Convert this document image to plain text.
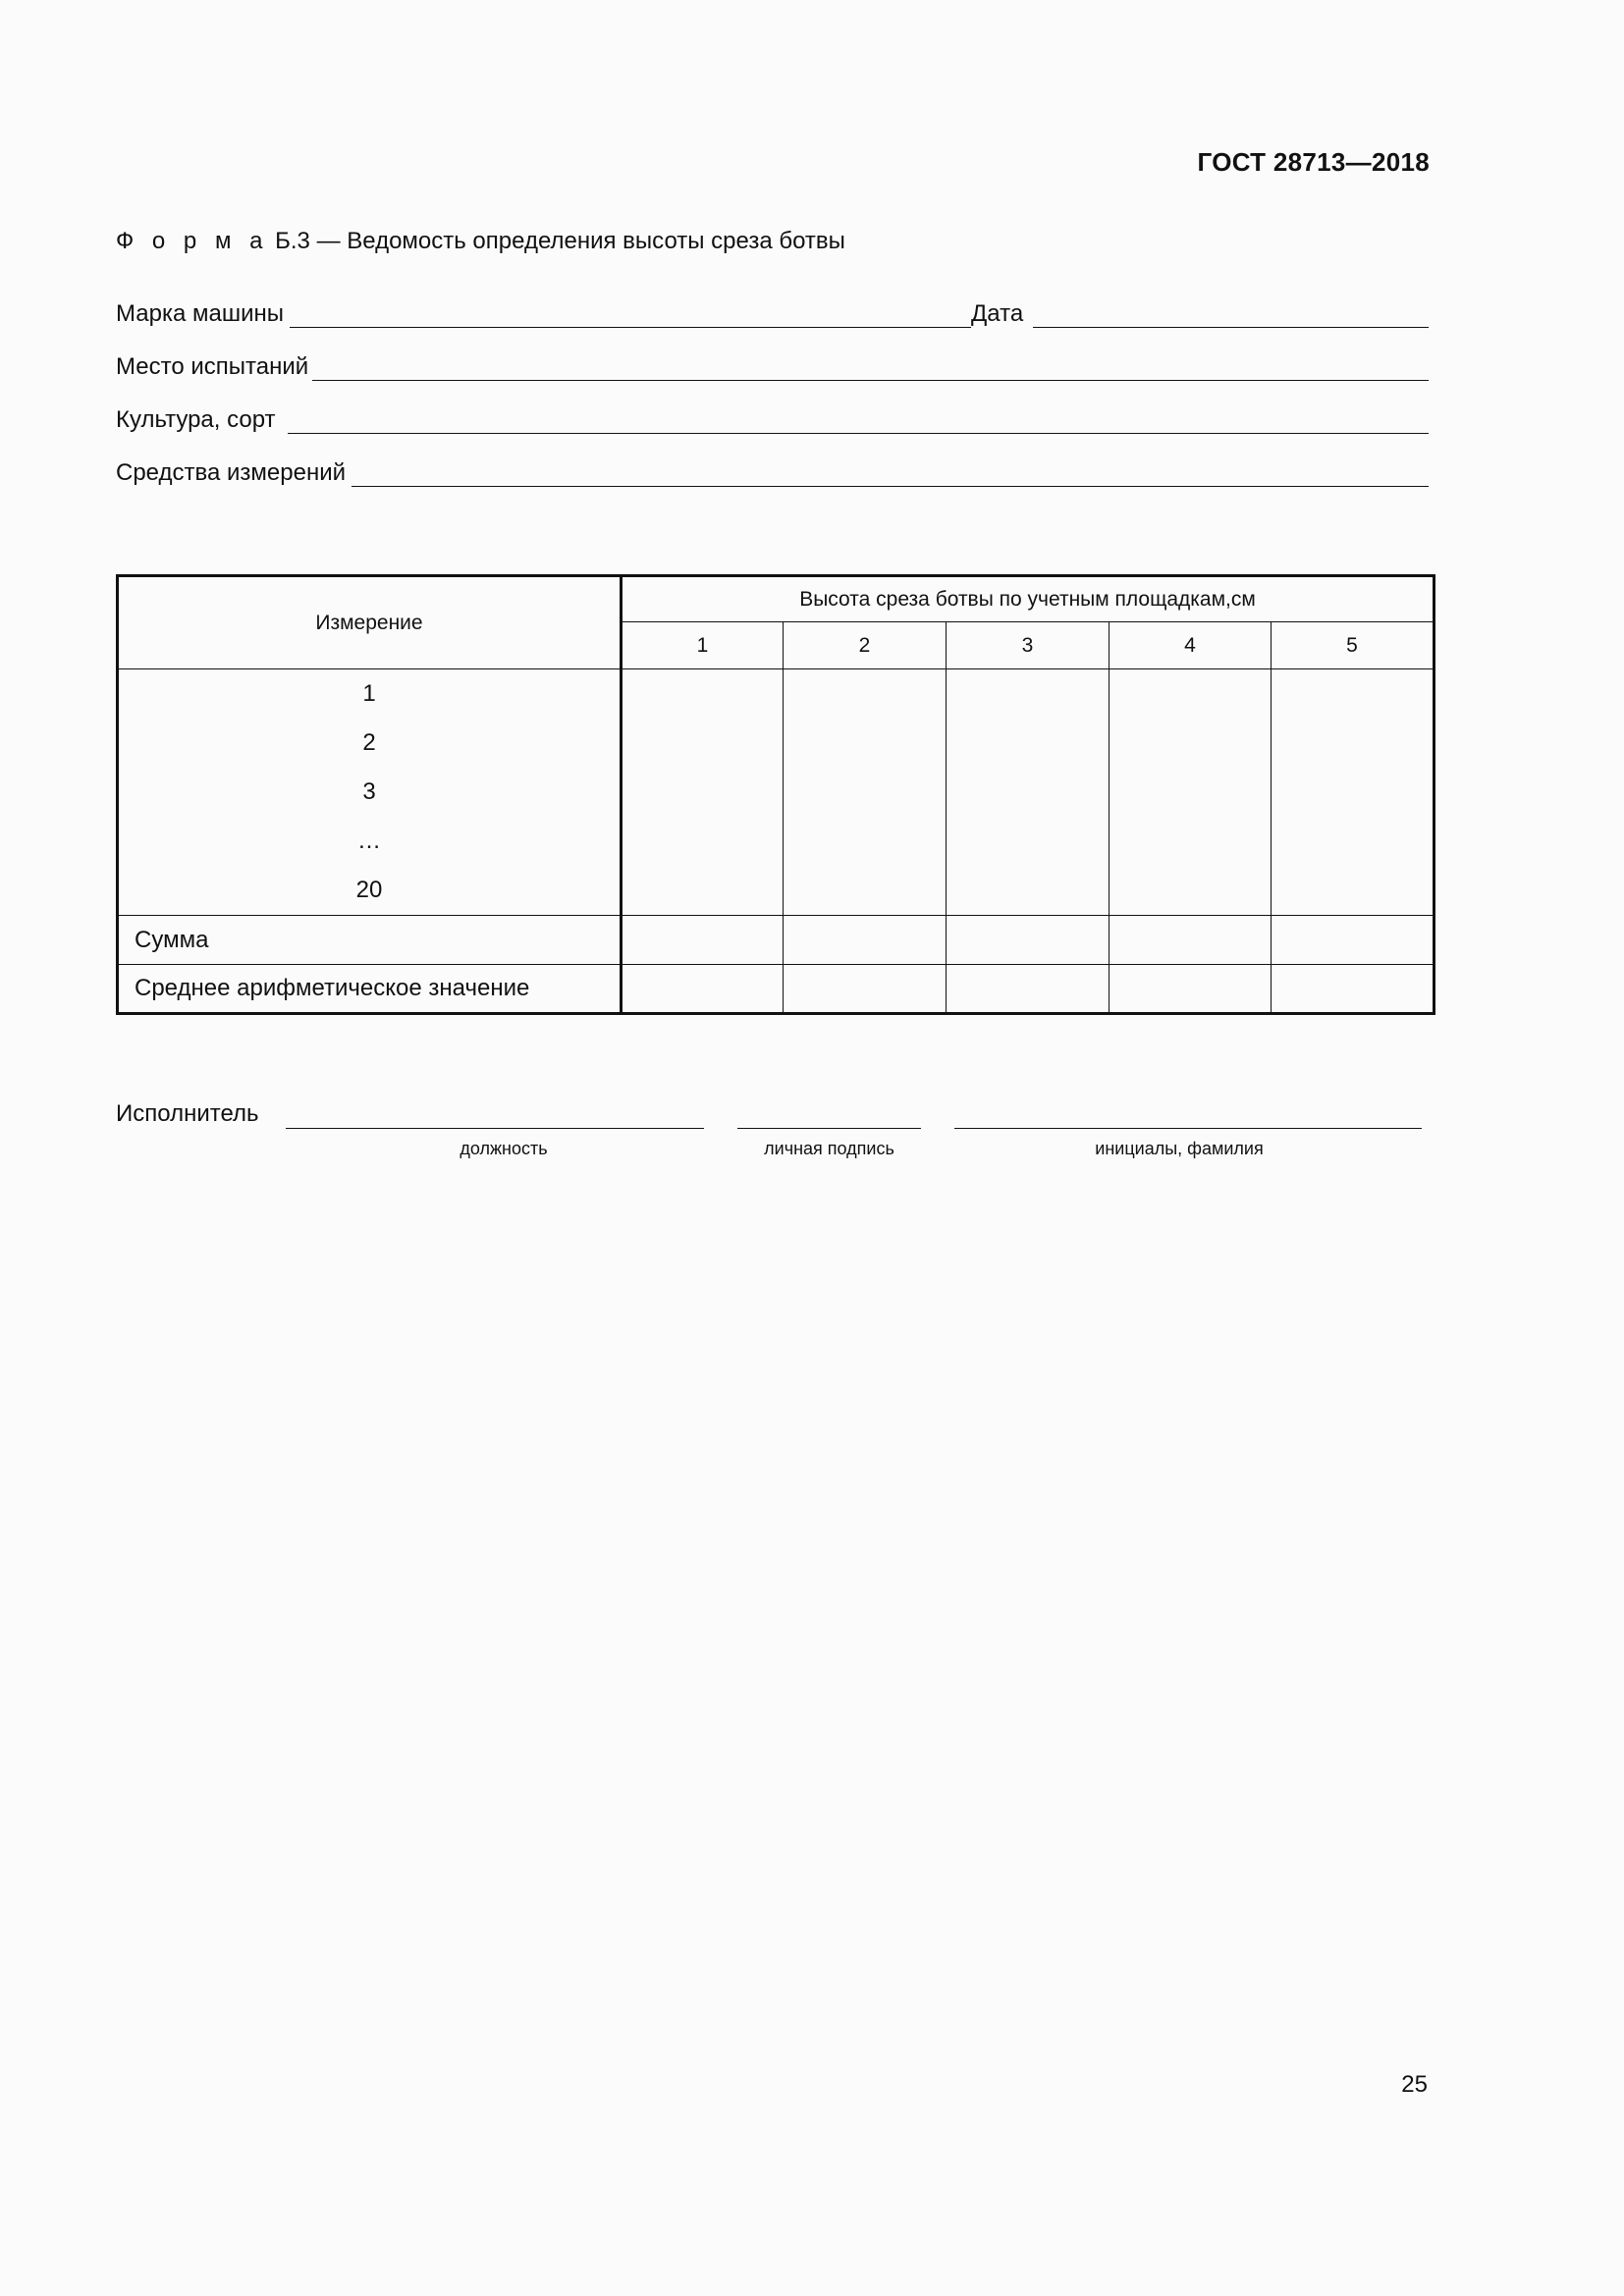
ГОСТ 28713—2018
Ф о р м а Б.3 — Ведомость определения высоты среза ботвы
Марка машины	Дата
Место испытаний
Культура, сорт
Средства измерений
Измерение	Высота среза ботвы по учетным площадкам,см				
	1	2	3	4	5

1
2
3
…
20					

Сумма					
Среднее арифметическое значение					
Исполнитель
должность	личная подпись	инициалы, фамилия
25
